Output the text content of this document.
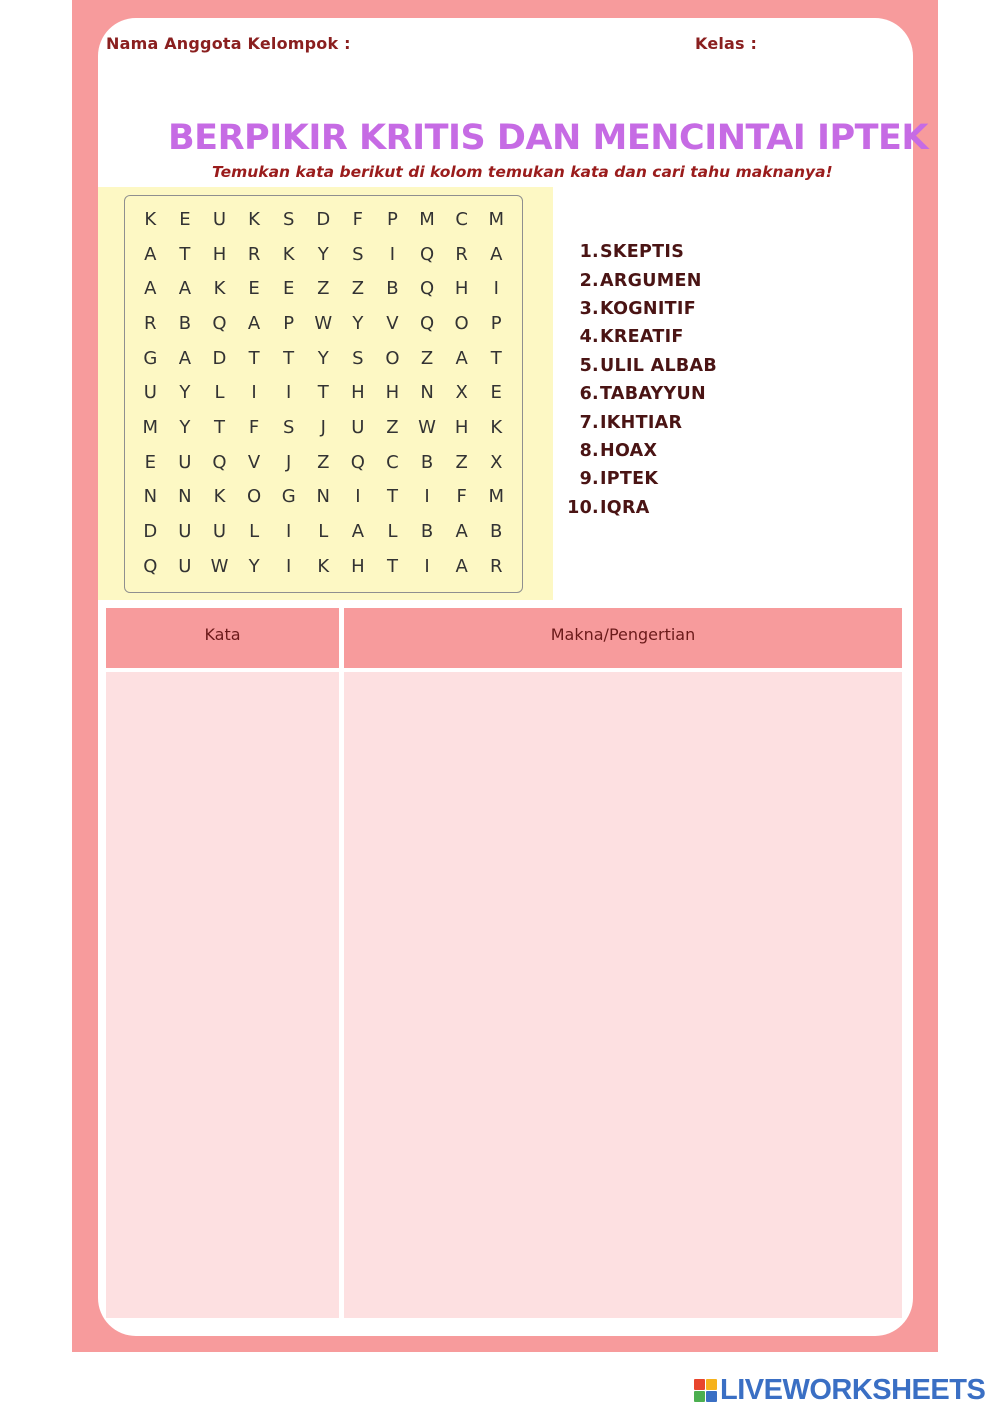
Nama Anggota Kelompok :	Kelas :
BERPIKIR KRITIS DAN MENCINTAI IPTEK
Temukan kata berikut di kolom temukan kata dan cari tahu maknanya!
K	E	U	K	S	D	F	P	M	C	M
A	T	H	R	K	Y	S	I	Q	R	A
A	A	K	E	E	Z	Z	B	Q	H	I
R	B	Q	A	P	W	Y	V	Q	O	P
G	A	D	T	T	Y	S	O	Z	A	T
U	Y	L	I	I	T	H	H	N	X	E
M	Y	T	F	S	J	U	Z	W	H	K
E	U	Q	V	J	Z	Q	C	B	Z	X
N	N	K	O	G	N	I	T	I	F	M
D	U	U	L	I	L	A	L	B	A	B
Q	U	W	Y	I	K	H	T	I	A	R
1. SKEPTIS
2. ARGUMEN
3. KOGNITIF
4. KREATIF
5. ULIL ALBAB
6. TABAYYUN
7. IKHTIAR
8. HOAX
9. IPTEK
10. IQRA
Kata	Makna/Pengertian
LIVEWORKSHEETS
